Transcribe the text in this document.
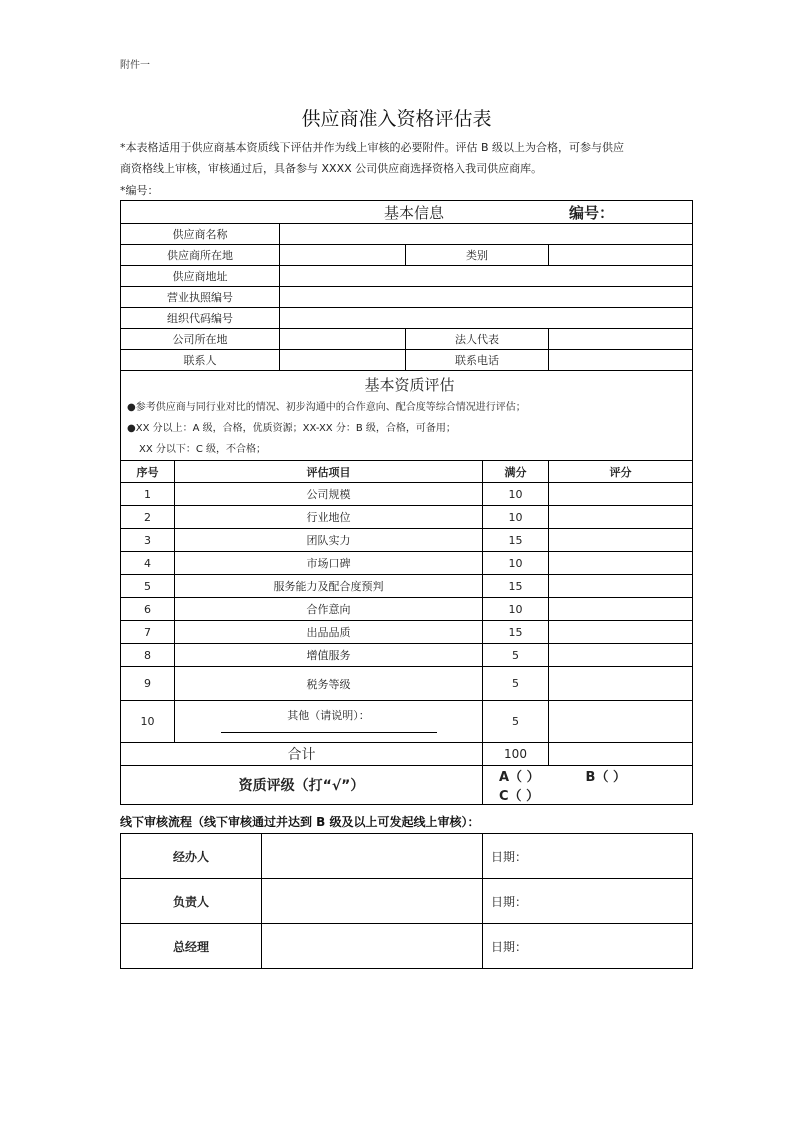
附件一
供应商准入资格评估表
*本表格适用于供应商基本资质线下评估并作为线上审核的必要附件。评估 B 级以上为合格，可参与供应
商资格线上审核，审核通过后，具备参与 XXXX 公司供应商选择资格入我司供应商库。
*编号：
基本信息 编号：					

供应商名称					
供应商所在地			类别		
供应商地址					
营业执照编号					
组织代码编号					
公司所在地			法人代表		
联系人			联系电话		

基本资质评估
●参考供应商与同行业对比的情况、初步沟通中的合作意向、配合度等综合情况进行评估；
●XX 分以上：A 级，合格，优质资源；XX-XX 分：B 级，合格，可备用；
XX 分以下：C 级，不合格；					

序号	评估项目			满分	评分
1	公司规模			10	
2	行业地位			10	
3	团队实力			15	
4	市场口碑			10	
5	服务能力及配合度预判			15	
6	合作意向			10	
7	出品品质			15	
8	增值服务			5	
9	税务等级			5	
10	其他（请说明）：			5	
合计				100	
资质评级（打“√”）				A（ ） B（ ） C（ ）	
线下审核流程（线下审核通过并达到 B 级及以上可发起线上审核）：
经办人		日期：
负责人		日期：
总经理		日期：
